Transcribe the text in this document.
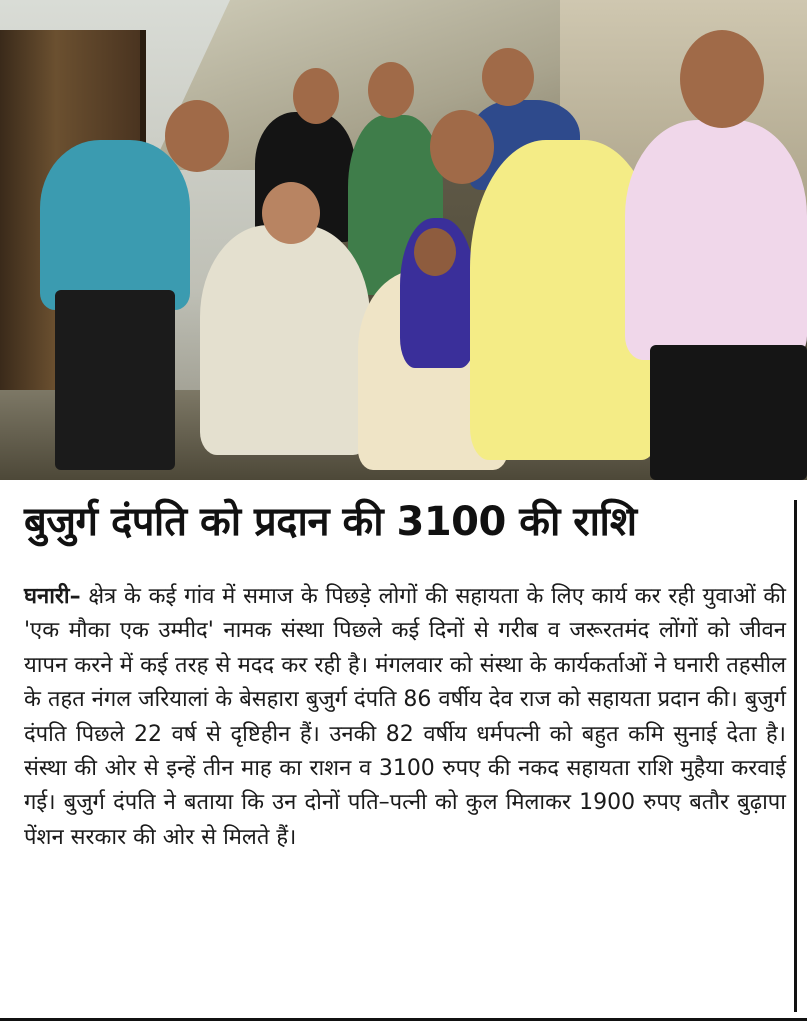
बुजुर्ग दंपति को प्रदान की 3100 की राशि

घनारी– क्षेत्र के कई गांव में समाज के पिछड़े लोगों की सहायता के लिए कार्य कर रही युवाओं की 'एक मौका एक उम्मीद' नामक संस्था पिछले कई दिनों से गरीब व जरूरतमंद लोंगों को जीवन यापन करने में कई तरह से मदद कर रही है। मंगलवार को संस्था के कार्यकर्ताओं ने घनारी तहसील के तहत नंगल जरियालां के बेसहारा बुजुर्ग दंपति 86 वर्षीय देव राज को सहायता प्रदान की। बुजुर्ग दंपति पिछले 22 वर्ष से दृष्टिहीन हैं। उनकी 82 वर्षीय धर्मपत्नी को बहुत कमि सुनाई देता है। संस्था की ओर से इन्हें तीन माह का राशन व 3100 रुपए की नकद सहायता राशि मुहैया करवाई गई। बुजुर्ग दंपति ने बताया कि उन दोनों पति–पत्नी को कुल मिलाकर 1900 रुपए बतौर बुढ़ापा पेंशन सरकार की ओर से मिलते हैं।
